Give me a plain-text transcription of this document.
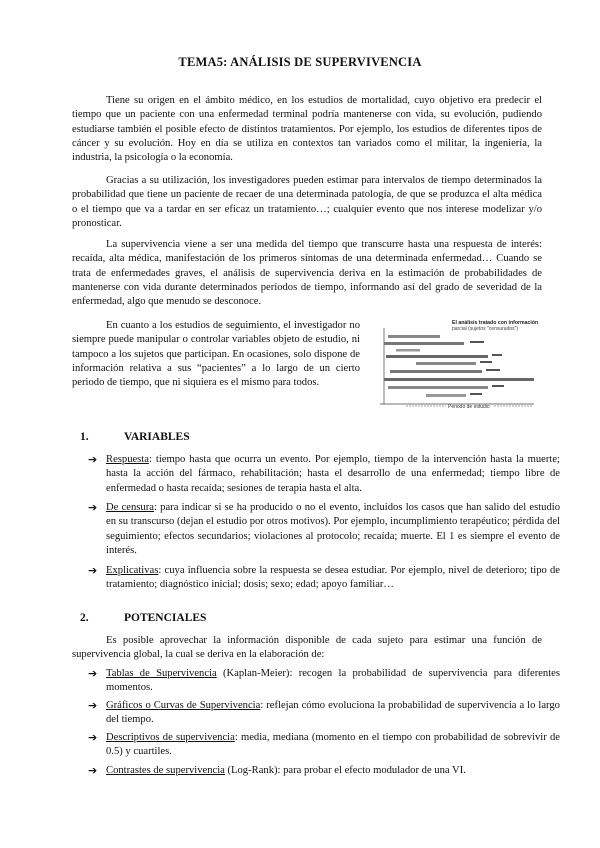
TEMA5: ANÁLISIS DE SUPERVIVENCIA

Tiene su origen en el ámbito médico, en los estudios de mortalidad, cuyo objetivo era predecir el tiempo que un paciente con una enfermedad terminal podría mantenerse con vida, su evolución, pudiendo estudiarse también el posible efecto de distintos tratamientos. Por ejemplo, los estudios de diferentes tipos de cáncer y su evolución. Hoy en día se utiliza en contextos tan variados como el militar, la ingeniería, la industria, la psicología o la economía.

Gracias a su utilización, los investigadores pueden estimar para intervalos de tiempo determinados la probabilidad que tiene un paciente de recaer de una determinada patología, de que se produzca el alta médica o el tiempo que va a tardar en ser eficaz un tratamiento…; cualquier evento que nos interese modelizar y/o pronosticar.

La supervivencia viene a ser una medida del tiempo que transcurre hasta una respuesta de interés: recaída, alta médica, manifestación de los primeros síntomas de una determinada enfermedad… Cuando se trata de enfermedades graves, el análisis de supervivencia deriva en la estimación de probabilidades de mantenerse con vida durante determinados períodos de tiempo, informando así del grado de severidad de la enfermedad, algo que menudo se desconoce.

En cuanto a los estudios de seguimiento, el investigador no siempre puede manipular o controlar variables objeto de estudio, ni tampoco a los sujetos que participan. En ocasiones, solo dispone de información relativa a sus “pacientes” a lo largo de un cierto periodo de tiempo, que ni siquiera es el mismo para todos.

El análisis tratado con información
parcial (sujetos "censurados")
Periodo de estudio
1.	VARIABLES

➔ Respuesta: tiempo hasta que ocurra un evento. Por ejemplo, tiempo de la intervención hasta la muerte; hasta la acción del fármaco, rehabilitación; hasta el desarrollo de una enfermedad; tiempo libre de enfermedad o hasta recaída; sesiones de terapia hasta el alta.

➔ De censura: para indicar si se ha producido o no el evento, incluidos los casos que han salido del estudio en su transcurso (dejan el estudio por otros motivos). Por ejemplo, incumplimiento terapéutico; pérdida del seguimiento; efectos secundarios; violaciones al protocolo; recaída; muerte. El 1 es siempre el evento de interés.

➔ Explicativas: cuya influencia sobre la respuesta se desea estudiar. Por ejemplo, nivel de deterioro; tipo de tratamiento; diagnóstico inicial; dosis; sexo; edad; apoyo familiar…

2.	POTENCIALES

Es posible aprovechar la información disponible de cada sujeto para estimar una función de supervivencia global, la cual se deriva en la elaboración de:

➔ Tablas de Supervivencia (Kaplan-Meier): recogen la probabilidad de supervivencia para diferentes momentos.

➔ Gráficos o Curvas de Supervivencia: reflejan cómo evoluciona la probabilidad de supervivencia a lo largo del tiempo.

➔ Descriptivos de supervivencia: media, mediana (momento en el tiempo con probabilidad de sobrevivir de 0.5) y cuartiles.

➔ Contrastes de supervivencia (Log-Rank): para probar el efecto modulador de una VI.
